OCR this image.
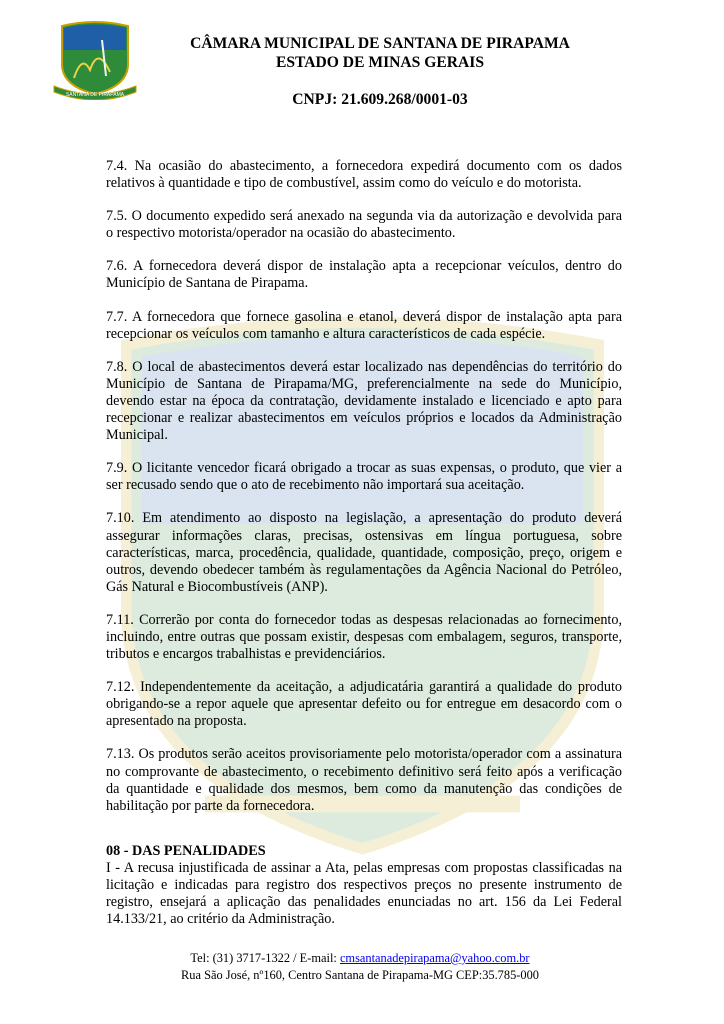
SANTANA DE PIRAPAMA
CÂMARA MUNICIPAL DE SANTANA DE PIRAPAMA
ESTADO DE MINAS GERAIS
CNPJ: 21.609.268/0001-03

7.4. Na ocasião do abastecimento, a fornecedora expedirá documento com os dados relativos à quantidade e tipo de combustível, assim como do veículo e do motorista.

7.5. O documento expedido será anexado na segunda via da autorização e devolvida para o respectivo motorista/operador na ocasião do abastecimento.

7.6. A fornecedora deverá dispor de instalação apta a recepcionar veículos, dentro do Município de Santana de Pirapama.

7.7. A fornecedora que fornece gasolina e etanol, deverá dispor de instalação apta para recepcionar os veículos com tamanho e altura característicos de cada espécie.

7.8. O local de abastecimentos deverá estar localizado nas dependências do território do Município de Santana de Pirapama/MG, preferencialmente na sede do Município, devendo estar na época da contratação, devidamente instalado e licenciado e apto para recepcionar e realizar abastecimentos em veículos próprios e locados da Administração Municipal.

7.9. O licitante vencedor ficará obrigado a trocar as suas expensas, o produto, que vier a ser recusado sendo que o ato de recebimento não importará sua aceitação.

7.10. Em atendimento ao disposto na legislação, a apresentação do produto deverá assegurar informações claras, precisas, ostensivas em língua portuguesa, sobre características, marca, procedência, qualidade, quantidade, composição, preço, origem e outros, devendo obedecer também às regulamentações da Agência Nacional do Petróleo, Gás Natural e Biocombustíveis (ANP).

7.11. Correrão por conta do fornecedor todas as despesas relacionadas ao fornecimento, incluindo, entre outras que possam existir, despesas com embalagem, seguros, transporte, tributos e encargos trabalhistas e previdenciários.

7.12. Independentemente da aceitação, a adjudicatária garantirá a qualidade do produto obrigando-se a repor aquele que apresentar defeito ou for entregue em desacordo com o apresentado na proposta.

7.13. Os produtos serão aceitos provisoriamente pelo motorista/operador com a assinatura no comprovante de abastecimento, o recebimento definitivo será feito após a verificação da quantidade e qualidade dos mesmos, bem como da manutenção das condições de habilitação por parte da fornecedora.

08 - DAS PENALIDADES

I - A recusa injustificada de assinar a Ata, pelas empresas com propostas classificadas na licitação e indicadas para registro dos respectivos preços no presente instrumento de registro, ensejará a aplicação das penalidades enunciadas no art. 156 da Lei Federal 14.133/21, ao critério da Administração.

Tel: (31) 3717-1322 / E-mail: cmsantanadepirapama@yahoo.com.br
Rua São José, nº160, Centro Santana de Pirapama-MG CEP:35.785-000
